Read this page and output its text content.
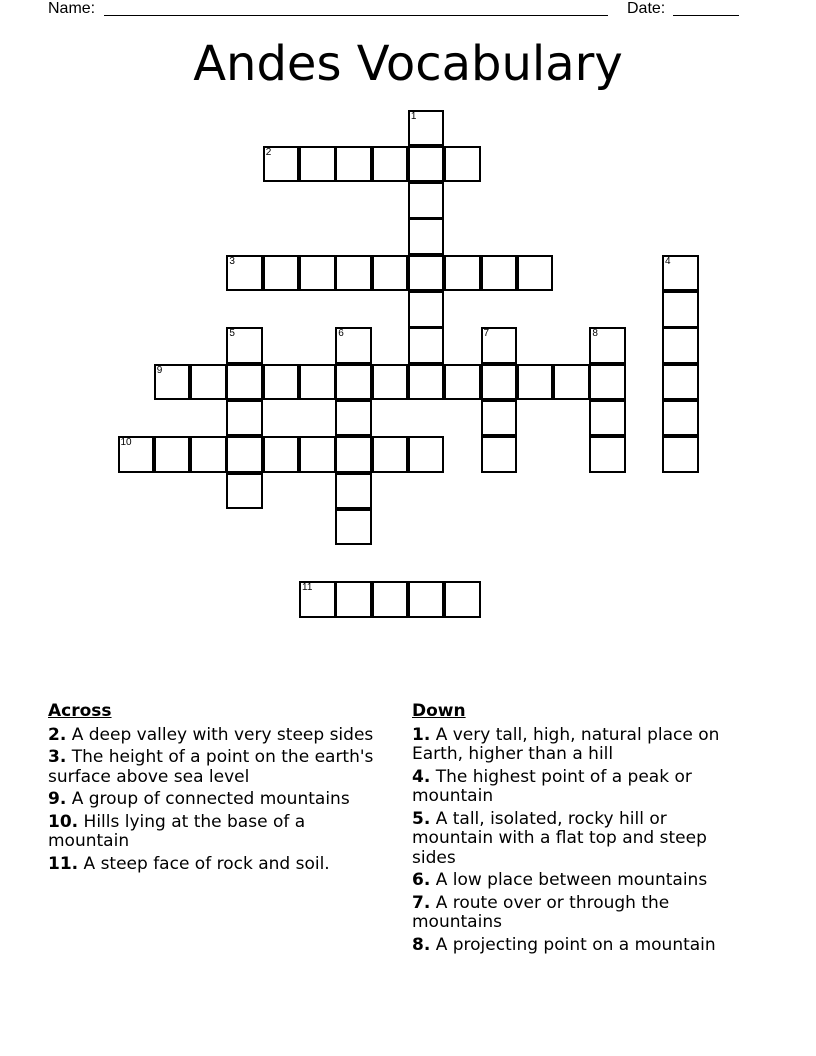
Name:	Date:
Andes Vocabulary
1
2
3	4
5	6	7	8
9
10
11
Across
2. A deep valley with very steep sides
3. The height of a point on the earth's surface above sea level
9. A group of connected mountains
10. Hills lying at the base of a mountain
11. A steep face of rock and soil.
Down
1. A very tall, high, natural place on Earth, higher than a hill
4. The highest point of a peak or mountain
5. A tall, isolated, rocky hill or mountain with a flat top and steep sides
6. A low place between mountains
7. A route over or through the mountains
8. A projecting point on a mountain
